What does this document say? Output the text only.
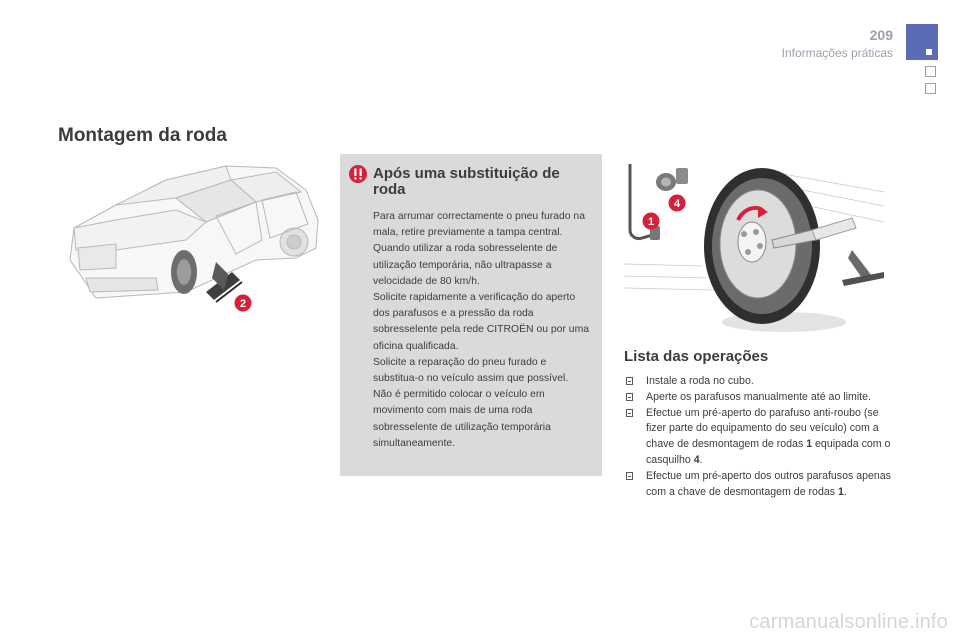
209
Informações práticas
Montagem da roda
2
Após uma substituição de roda

Para arrumar correctamente o pneu furado na mala, retire previamente a tampa central.
Quando utilizar a roda sobresselente de utilização temporária, não ultrapasse a velocidade de 80 km/h.
Solicite rapidamente a verificação do aperto dos parafusos e a pressão da roda sobresselente pela rede CITROËN ou por uma oficina qualificada.
Solicite a reparação do pneu furado e substitua-o no veículo assim que possível.
Não é permitido colocar o veículo em movimento com mais de uma roda sobresselente de utilização temporária simultaneamente.

1
4
Lista das operações
Instale a roda no cubo.
Aperte os parafusos manualmente até ao limite.
Efectue um pré-aperto do parafuso anti-roubo (se fizer parte do equipamento do seu veículo) com a chave de desmontagem de rodas 1 equipada com o casquilho 4.
Efectue um pré-aperto dos outros parafusos apenas com a chave de desmontagem de rodas 1.
carmanualsonline.info
